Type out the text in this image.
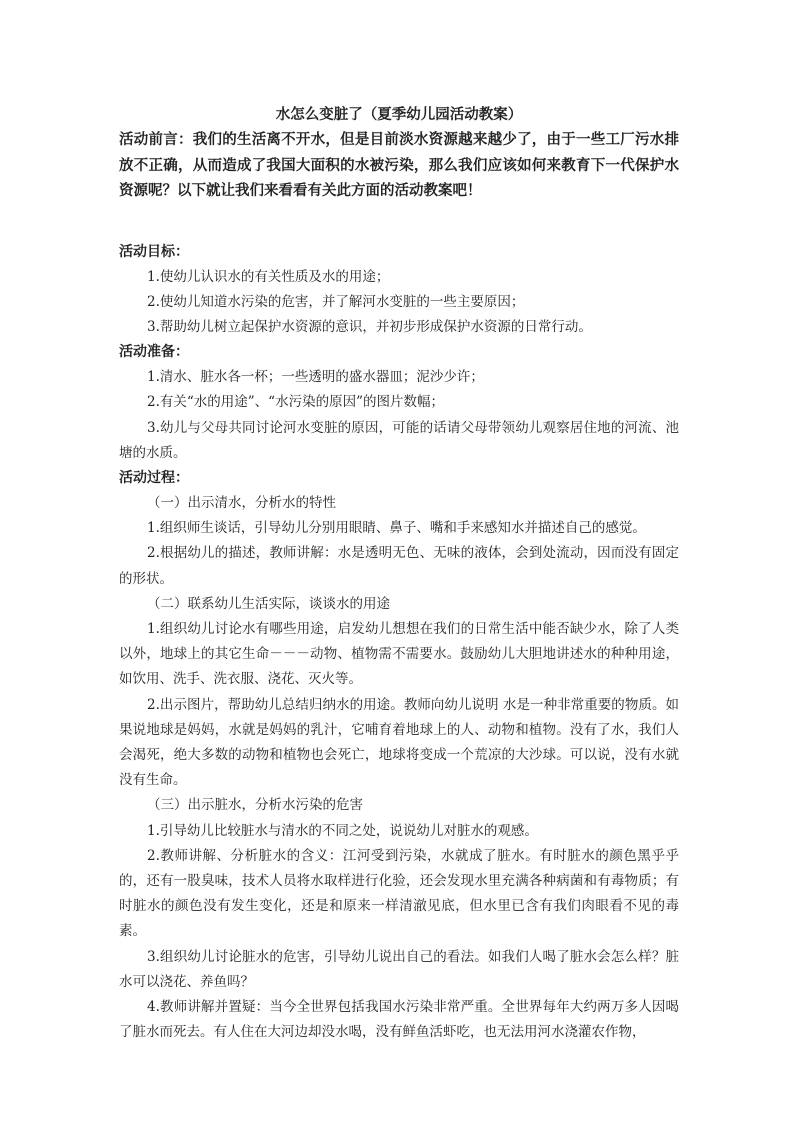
水怎么变脏了（夏季幼儿园活动教案）

活动前言：我们的生活离不开水，但是目前淡水资源越来越少了，由于一些工厂污水排放不正确，从而造成了我国大面积的水被污染，那么我们应该如何来教育下一代保护水资源呢？以下就让我们来看看有关此方面的活动教案吧！

活动目标：

1.使幼儿认识水的有关性质及水的用途；

2.使幼儿知道水污染的危害，并了解河水变脏的一些主要原因；

3.帮助幼儿树立起保护水资源的意识，并初步形成保护水资源的日常行动。

活动准备：

1.清水、脏水各一杯；一些透明的盛水器皿；泥沙少许；

2.有关“水的用途”、“水污染的原因”的图片数幅；

3.幼儿与父母共同讨论河水变脏的原因，可能的话请父母带领幼儿观察居住地的河流、池塘的水质。

活动过程：

（一）出示清水，分析水的特性

1.组织师生谈话，引导幼儿分别用眼睛、鼻子、嘴和手来感知水并描述自己的感觉。

2.根据幼儿的描述，教师讲解：水是透明无色、无味的液体，会到处流动，因而没有固定的形状。

（二）联系幼儿生活实际，谈谈水的用途

1.组织幼儿讨论水有哪些用途，启发幼儿想想在我们的日常生活中能否缺少水，除了人类以外，地球上的其它生命－－－动物、植物需不需要水。鼓励幼儿大胆地讲述水的种种用途，如饮用、洗手、洗衣服、浇花、灭火等。

2.出示图片，帮助幼儿总结归纳水的用途。教师向幼儿说明 水是一种非常重要的物质。如果说地球是妈妈，水就是妈妈的乳汁，它哺育着地球上的人、动物和植物。没有了水，我们人会渴死，绝大多数的动物和植物也会死亡，地球将变成一个荒凉的大沙球。可以说，没有水就没有生命。

（三）出示脏水，分析水污染的危害

1.引导幼儿比较脏水与清水的不同之处，说说幼儿对脏水的观感。

2.教师讲解、分析脏水的含义：江河受到污染，水就成了脏水。有时脏水的颜色黑乎乎的，还有一股臭味，技术人员将水取样进行化验，还会发现水里充满各种病菌和有毒物质；有时脏水的颜色没有发生变化，还是和原来一样清澈见底，但水里已含有我们肉眼看不见的毒素。

3.组织幼儿讨论脏水的危害，引导幼儿说出自己的看法。如我们人喝了脏水会怎么样？脏水可以浇花、养鱼吗？

4.教师讲解并置疑：当今全世界包括我国水污染非常严重。全世界每年大约两万多人因喝了脏水而死去。有人住在大河边却没水喝，没有鲜鱼活虾吃，也无法用河水浇灌农作物，
